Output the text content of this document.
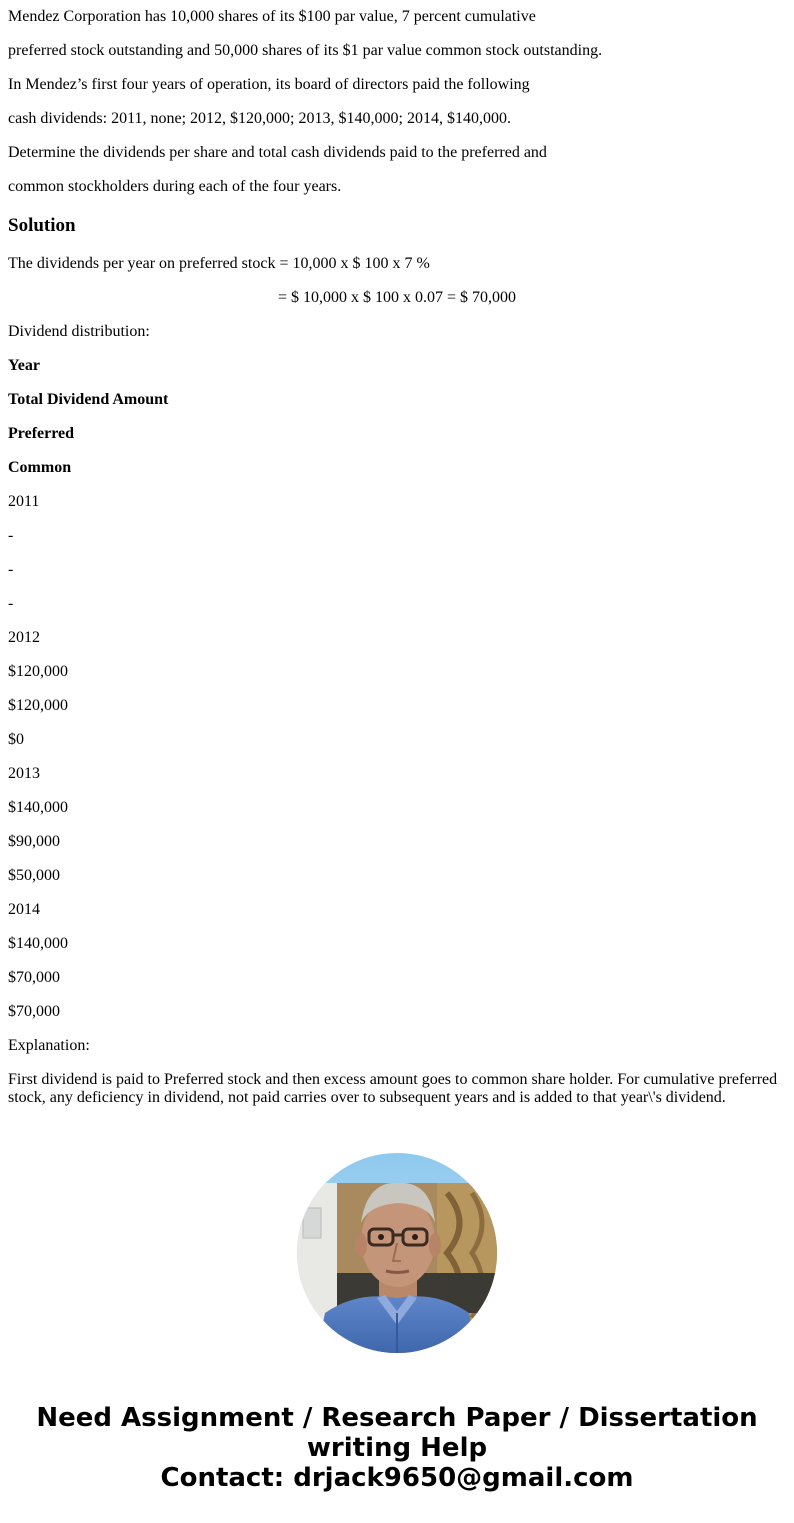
Mendez Corporation has 10,000 shares of its $100 par value, 7 percent cumulative

preferred stock outstanding and 50,000 shares of its $1 par value common stock outstanding.

In Mendez’s first four years of operation, its board of directors paid the following

cash dividends: 2011, none; 2012, $120,000; 2013, $140,000; 2014, $140,000.

Determine the dividends per share and total cash dividends paid to the preferred and

common stockholders during each of the four years.

Solution

The dividends per year on preferred stock = 10,000 x $ 100 x 7 %

= $ 10,000 x $ 100 x 0.07 = $ 70,000

Dividend distribution:

Year

Total Dividend Amount

Preferred

Common

2011

-

-

-

2012

$120,000

$120,000

$0

2013

$140,000

$90,000

$50,000

2014

$140,000

$70,000

$70,000

Explanation:

First dividend is paid to Preferred stock and then excess amount goes to common share holder. For cumulative preferred stock, any deficiency in dividend, not paid carries over to subsequent years and is added to that year\'s dividend.

Need Assignment / Research Paper / Dissertation
writing Help
Contact: drjack9650@gmail.com
